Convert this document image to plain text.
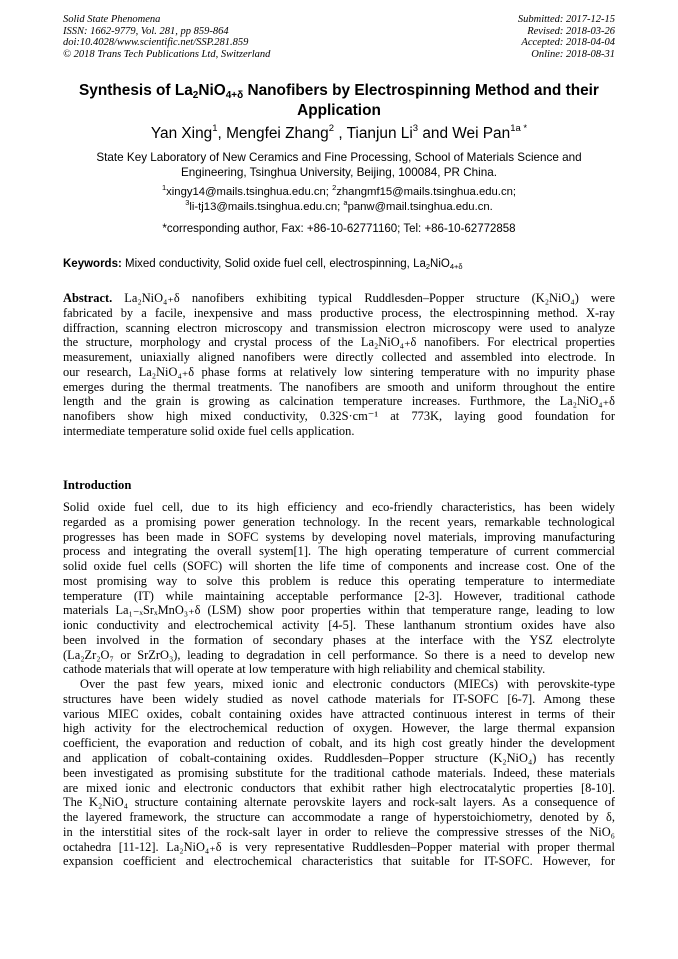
Solid State Phenomena
ISSN: 1662-9779, Vol. 281, pp 859-864
doi:10.4028/www.scientific.net/SSP.281.859
© 2018 Trans Tech Publications Ltd, Switzerland
Submitted: 2017-12-15
Revised: 2018-03-26
Accepted: 2018-04-04
Online: 2018-08-31
Synthesis of $La_2NiO_{4+\delta}$ Nanofibers by Electrospinning Method and their
Application
Yan Xing$^1$, Mengfei Zhang$^2$ , Tianjun Li$^3$ and Wei Pan$^{1a *}$
State Key Laboratory of New Ceramics and Fine Processing, School of Materials Science and
Engineering, Tsinghua University, Beijing, 100084, PR China.
$^1$xingy14@mails.tsinghua.edu.cn; $^2$zhangmf15@mails.tsinghua.edu.cn;
$^3$li-tj13@mails.tsinghua.edu.cn; $^a$panw@mail.tsinghua.edu.cn.
*corresponding author, Fax: +86-10-62771160; Tel: +86-10-62772858
Keywords: Mixed conductivity, Solid oxide fuel cell, electrospinning, $La_2NiO_{4+\delta}$
Abstract. La₂NiO₄₊δ nanofibers exhibiting typical Ruddlesden–Popper structure (K₂NiO₄) were
fabricated by a facile, inexpensive and mass productive process, the electrospinning method. X-ray
diffraction, scanning electron microscopy and transmission electron microscopy were used to analyze
the structure, morphology and crystal process of the La₂NiO₄₊δ nanofibers. For electrical properties
measurement, uniaxially aligned nanofibers were directly collected and assembled into electrode. In
our research, La₂NiO₄₊δ phase forms at relatively low sintering temperature with no impurity phase
emerges during the thermal treatments. The nanofibers are smooth and uniform throughout the entire
length and the grain is growing as calcination temperature increases. Furthmore, the La₂NiO₄₊δ
nanofibers show high mixed conductivity, 0.32S·cm⁻¹ at 773K, laying good foundation for
intermediate temperature solid oxide fuel cells application.
Introduction
Solid oxide fuel cell, due to its high efficiency and eco-friendly characteristics, has been widely
regarded as a promising power generation technology. In the recent years, remarkable technological
progresses has been made in SOFC systems by developing novel materials, improving manufacturing
process and integrating the overall system[1]. The high operating temperature of current commercial
solid oxide fuel cells (SOFC) will shorten the life time of components and increase cost. One of the
most promising way to solve this problem is reduce this operating temperature to intermediate
temperature (IT) while maintaining acceptable performance [2-3]. However, traditional cathode
materials La₁₋ₓSrₓMnO₃₊δ (LSM) show poor properties within that temperature range, leading to low
ionic conductivity and electrochemical activity [4-5]. These lanthanum strontium oxides have also
been involved in the formation of secondary phases at the interface with the YSZ electrolyte
(La₂Zr₂O₇ or SrZrO₃), leading to degradation in cell performance. So there is a need to develop new
cathode materials that will operate at low temperature with high reliability and chemical stability.
Over the past few years, mixed ionic and electronic conductors (MIECs) with perovskite-type
structures have been widely studied as novel cathode materials for IT-SOFC [6-7]. Among these
various MIEC oxides, cobalt containing oxides have attracted continuous interest in terms of their
high activity for the electrochemical reduction of oxygen. However, the large thermal expansion
coefficient, the evaporation and reduction of cobalt, and its high cost greatly hinder the development
and application of cobalt-containing oxides. Ruddlesden–Popper structure (K₂NiO₄) has recently
been investigated as promising substitute for the traditional cathode materials. Indeed, these materials
are mixed ionic and electronic conductors that exhibit rather high electrocatalytic properties [8-10].
The K₂NiO₄ structure containing alternate perovskite layers and rock-salt layers. As a consequence of
the layered framework, the structure can accommodate a range of hyperstoichiometry, denoted by δ,
in the interstitial sites of the rock-salt layer in order to relieve the compressive stresses of the NiO₆
octahedra [11-12]. La₂NiO₄₊δ is very representative Ruddlesden–Popper material with proper thermal
expansion coefficient and electrochemical characteristics that suitable for IT-SOFC. However, for
